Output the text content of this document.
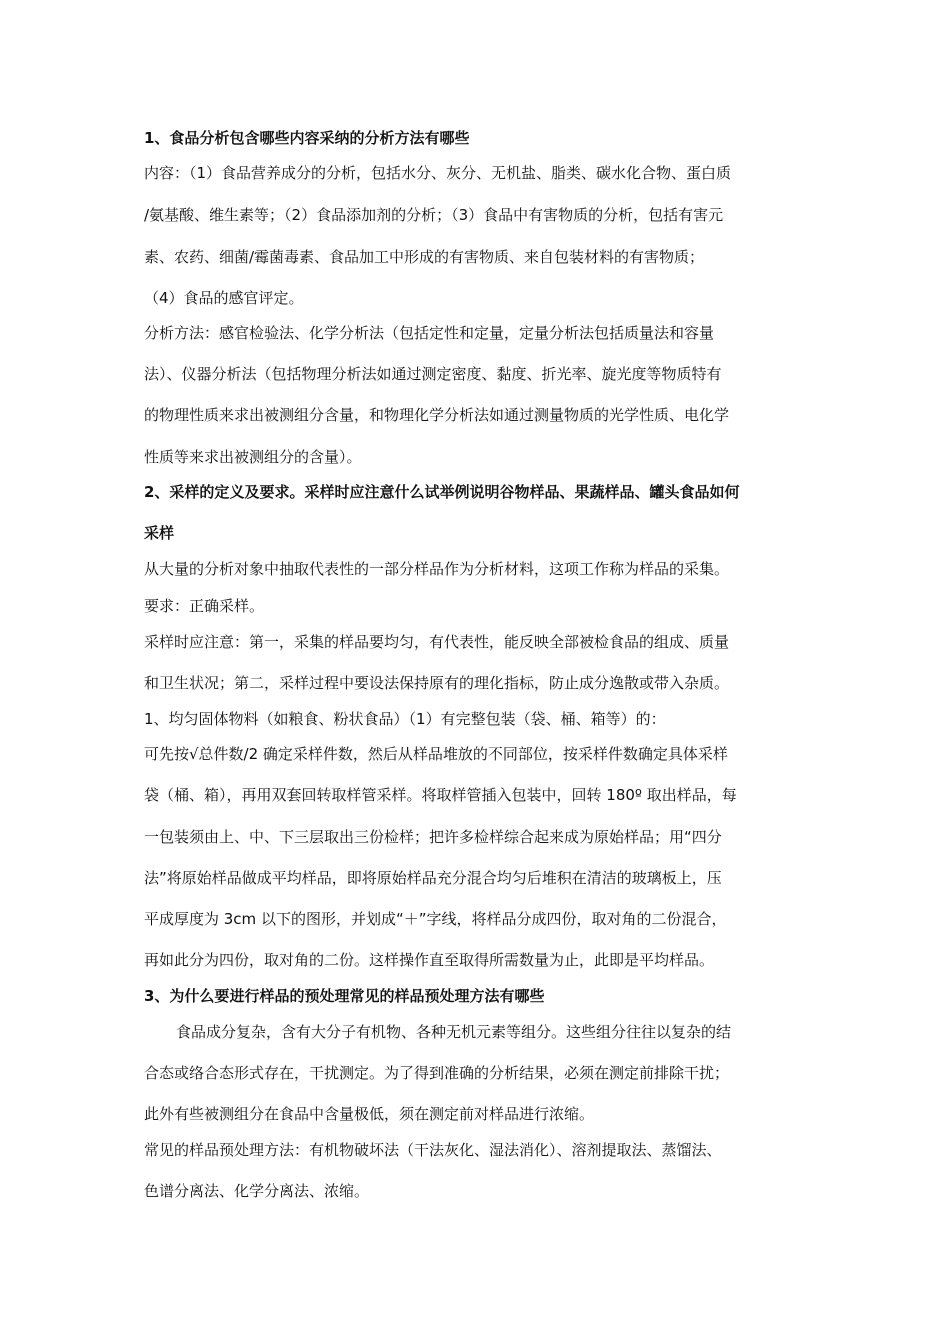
1、食品分析包含哪些内容采纳的分析方法有哪些
内容：（1）食品营养成分的分析，包括水分、灰分、无机盐、脂类、碳水化合物、蛋白质
/氨基酸、维生素等；（2）食品添加剂的分析；（3）食品中有害物质的分析，包括有害元
素、农药、细菌/霉菌毒素、食品加工中形成的有害物质、来自包装材料的有害物质；
（4）食品的感官评定。
分析方法：感官检验法、化学分析法（包括定性和定量，定量分析法包括质量法和容量
法）、仪器分析法（包括物理分析法如通过测定密度、黏度、折光率、旋光度等物质特有
的物理性质来求出被测组分含量，和物理化学分析法如通过测量物质的光学性质、电化学
性质等来求出被测组分的含量）。
2、采样的定义及要求。采样时应注意什么试举例说明谷物样品、果蔬样品、罐头食品如何
采样
从大量的分析对象中抽取代表性的一部分样品作为分析材料，这项工作称为样品的采集。
要求：正确采样。
采样时应注意：第一，采集的样品要均匀，有代表性，能反映全部被检食品的组成、质量
和卫生状况；第二，采样过程中要设法保持原有的理化指标，防止成分逸散或带入杂质。
1、均匀固体物料（如粮食、粉状食品）（1）有完整包装（袋、桶、箱等）的：
可先按√总件数/2 确定采样件数，然后从样品堆放的不同部位，按采样件数确定具体采样
袋（桶、箱），再用双套回转取样管采样。将取样管插入包装中，回转 180º 取出样品，每
一包装须由上、中、下三层取出三份检样；把许多检样综合起来成为原始样品；用“四分
法”将原始样品做成平均样品，即将原始样品充分混合均匀后堆积在清洁的玻璃板上，压
平成厚度为 3cm 以下的图形，并划成“＋”字线，将样品分成四份，取对角的二份混合，
再如此分为四份，取对角的二份。这样操作直至取得所需数量为止，此即是平均样品。
3、为什么要进行样品的预处理常见的样品预处理方法有哪些
食品成分复杂，含有大分子有机物、各种无机元素等组分。这些组分往往以复杂的结
合态或络合态形式存在，干扰测定。为了得到准确的分析结果，必须在测定前排除干扰；
此外有些被测组分在食品中含量极低，须在测定前对样品进行浓缩。
常见的样品预处理方法：有机物破坏法（干法灰化、湿法消化）、溶剂提取法、蒸馏法、
色谱分离法、化学分离法、浓缩。
